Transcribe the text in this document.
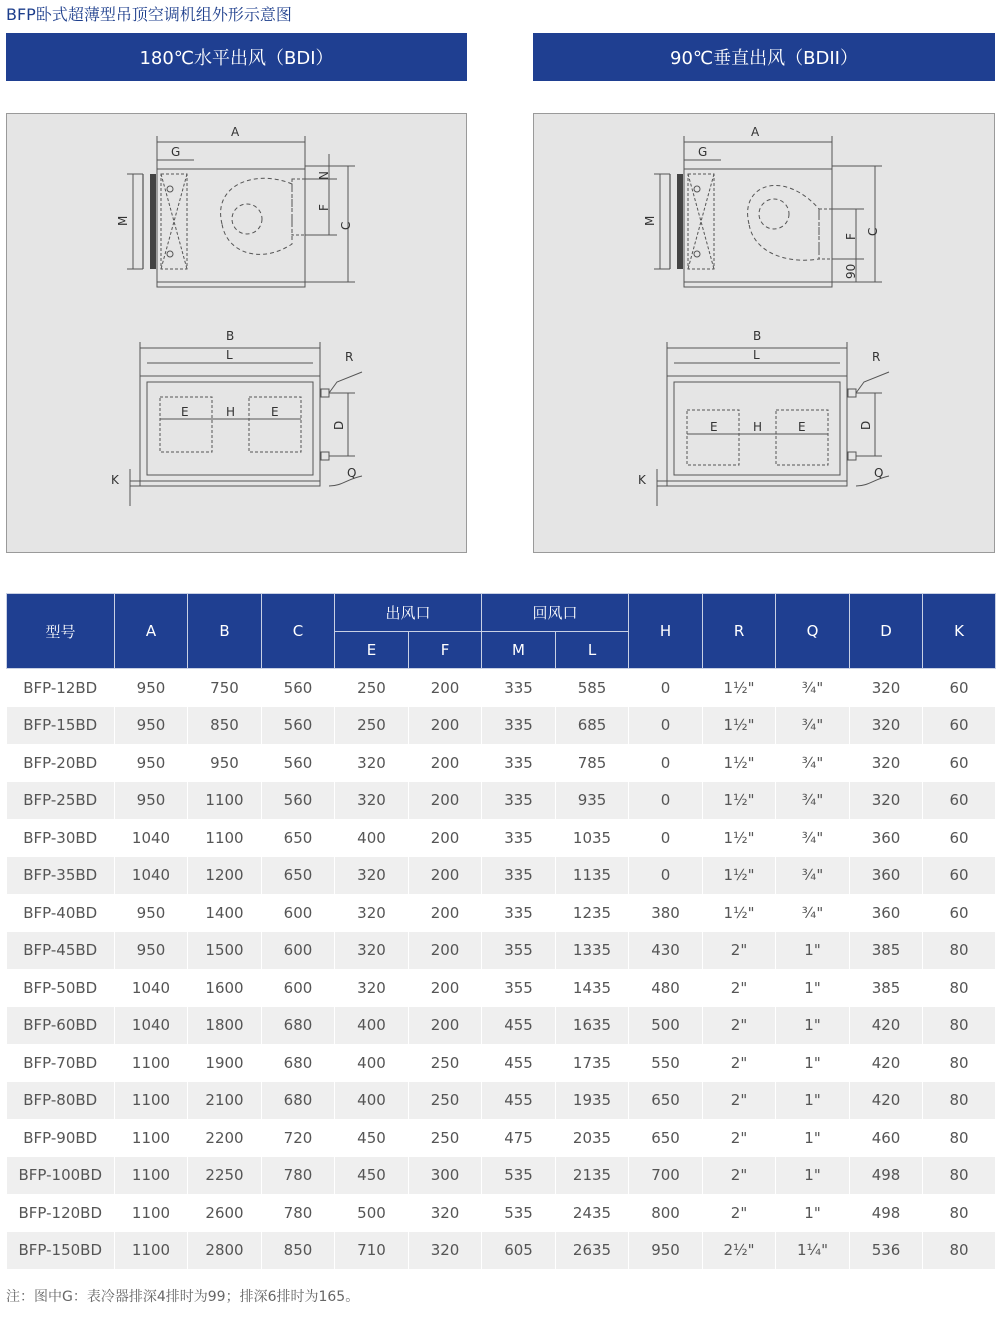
BFP卧式超薄型吊顶空调机组外形示意图
180℃水平出风（BDI）	90℃垂直出风（BDII）
A
G
M	C
F
N
B
L	R
E	H	E
D
K	Q
A
G
M
C
F
90
B
L	R
E	H	E	D
K	Q
型号	A	B	C	出风口		回风口		H	R	Q	D	K
				E	F	M	L					
BFP-12BD	950	750	560	250	200	335	585	0	1½"	¾"	320	60
BFP-15BD	950	850	560	250	200	335	685	0	1½"	¾"	320	60
BFP-20BD	950	950	560	320	200	335	785	0	1½"	¾"	320	60
BFP-25BD	950	1100	560	320	200	335	935	0	1½"	¾"	320	60
BFP-30BD	1040	1100	650	400	200	335	1035	0	1½"	¾"	360	60
BFP-35BD	1040	1200	650	320	200	335	1135	0	1½"	¾"	360	60
BFP-40BD	950	1400	600	320	200	335	1235	380	1½"	¾"	360	60
BFP-45BD	950	1500	600	320	200	355	1335	430	2"	1"	385	80
BFP-50BD	1040	1600	600	320	200	355	1435	480	2"	1"	385	80
BFP-60BD	1040	1800	680	400	200	455	1635	500	2"	1"	420	80
BFP-70BD	1100	1900	680	400	250	455	1735	550	2"	1"	420	80
BFP-80BD	1100	2100	680	400	250	455	1935	650	2"	1"	420	80
BFP-90BD	1100	2200	720	450	250	475	2035	650	2"	1"	460	80
BFP-100BD	1100	2250	780	450	300	535	2135	700	2"	1"	498	80
BFP-120BD	1100	2600	780	500	320	535	2435	800	2"	1"	498	80
BFP-150BD	1100	2800	850	710	320	605	2635	950	2½"	1¼"	536	80
注：图中G：表冷器排深4排时为99；排深6排时为165。
